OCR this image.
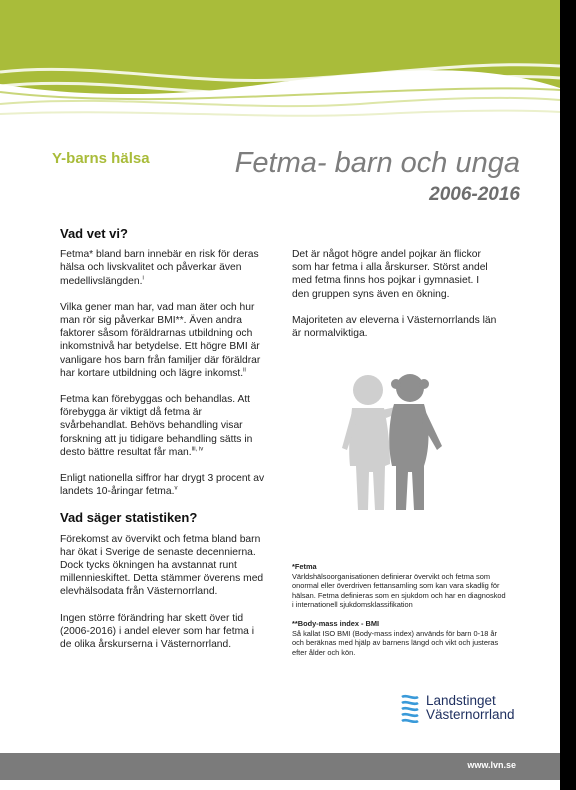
Y-barns hälsa	Fetma- barn och unga
2006-2016
Vad vet vi?

Fetma* bland barn innebär en risk för deras hälsa och livskvalitet och påverkar även medellivslängden.$^i$

Vilka gener man har, vad man äter och hur man rör sig påverkar BMI**. Även andra faktorer såsom föräldrarnas utbildning och inkomstnivå har betydelse. Ett högre BMI är vanligare hos barn från familjer där föräldrar har kortare utbildning och lägre inkomst.$^{ii}$

Fetma kan förebyggas och behandlas. Att förebygga är viktigt då fetma är svårbehandlat. Behövs behandling visar forskning att ju tidigare behandling sätts in desto bättre resultat får man.$^{iii, iv}$

Enligt nationella siffror har drygt 3 procent av landets 10-åringar fetma.$^v$

Vad säger statistiken?

Förekomst av övervikt och fetma bland barn har ökat i Sverige de senaste decennierna. Dock tycks ökningen ha avstannat runt millennieskiftet. Detta stämmer överens med elevhälsodata från Västernorrland.

Ingen större förändring har skett över tid (2006-2016) i andel elever som har fetma i de olika årskurserna i Västernorrland.

Det är något högre andel pojkar än flickor som har fetma i alla årskurser. Störst andel med fetma finns hos pojkar i gymnasiet. I den gruppen syns även en ökning.

Majoriteten av eleverna i Västernorrlands län är normalviktiga.

*Fetma

Världshälsoorganisationen definierar övervikt och fetma som onormal eller överdriven fettansamling som kan vara skadlig för hälsan. Fetma definieras som en sjukdom och har en diagnoskod i internationell sjukdomsklassifikation

**Body-mass index - BMI

Så kallat ISO BMI (Body-mass index) används för barn 0-18 år och beräknas med hjälp av barnens längd och vikt och justeras efter ålder och kön.

Landstinget
Västernorrland
www.lvn.se
